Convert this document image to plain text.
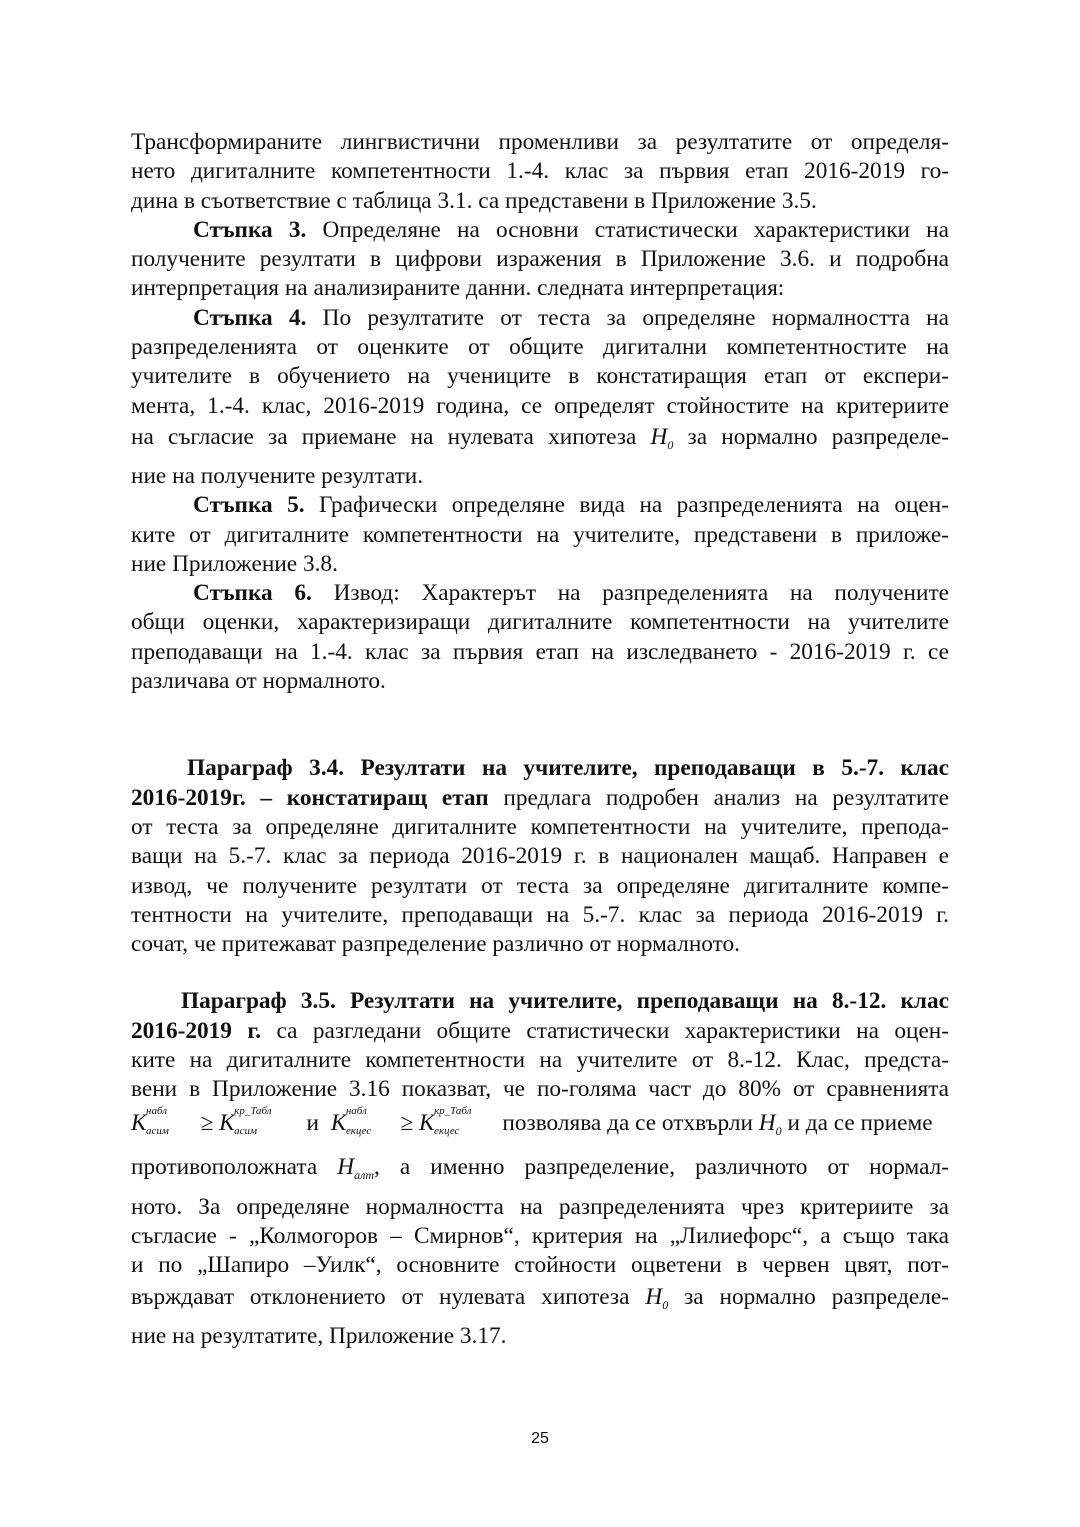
Трансформираните лингвистични променливи за резултатите от определя-
нето дигиталните компетентности 1.-4. клас за първия етап 2016-2019 го-
дина в съответствие с таблица 3.1. са представени в Приложение 3.5.

Стъпка 3. Определяне на основни статистически характеристики на
получените резултати в цифрови изражения в Приложение 3.6. и подробна
интерпретация на анализираните данни. следната интерпретация:

Стъпка 4. По резултатите от теста за определяне нормалността на
разпределенията от оценките от общите дигитални компетентностите на
учителите в обучението на учениците в констатиращия етап от експери-
мента, 1.-4. клас, 2016-2019 година, се определят стойностите на критериите
на съгласие за приемане на нулевата хипотеза $H_0$ за нормално разпределе-
ние на получените резултати.

Стъпка 5. Графически определяне вида на разпределенията на оцен-
ките от дигиталните компетентности на учителите, представени в приложе-
ние Приложение 3.8.

Стъпка 6. Извод: Характерът на разпределенията на получените
общи оценки, характеризиращи дигиталните компетентности на учителите
преподаващи на 1.-4. клас за първия етап на изследването - 2016-2019 г. се
различава от нормалното.

Параграф 3.4. Резултати на учителите, преподаващи в 5.-7. клас
2016-2019г. – констатиращ етап предлага подробен анализ на резултатите
от теста за определяне дигиталните компетентности на учителите, препода-
ващи на 5.-7. клас за периода 2016-2019 г. в национален мащаб. Направен е
извод, че получените резултати от теста за определяне дигиталните компе-
тентности на учителите, преподаващи на 5.-7. клас за периода 2016-2019 г.
сочат, че притежават разпределение различно от нормалното.

Параграф 3.5. Резултати на учителите, преподаващи на 8.-12. клас
2016-2019 г. са разгледани общите статистически характеристики на оцен-
ките на дигиталните компетентности на учителите от 8.-12. Клас, предста-
вени в Приложение 3.16 показват, че по-голяма част до 80% от сравненията
K набл
асим ≥ K кр_Табл
асим и K набл
екцес ≥ K кр_Табл
екцес позволява да се отхвърли $H_0$ и да се приеме
противоположната $H_{алт}$, а именно разпределение, различното от нормал-
ното. За определяне нормалността на разпределенията чрез критериите за
съгласие - „Колмогоров – Смирнов“, критерия на „Лилиефорс“, а също така
и по „Шапиро –Уилк“, основните стойности оцветени в червен цвят, пот-
върждават отклонението от нулевата хипотеза $H_0$ за нормално разпределе-
ние на резултатите, Приложение 3.17.

25
